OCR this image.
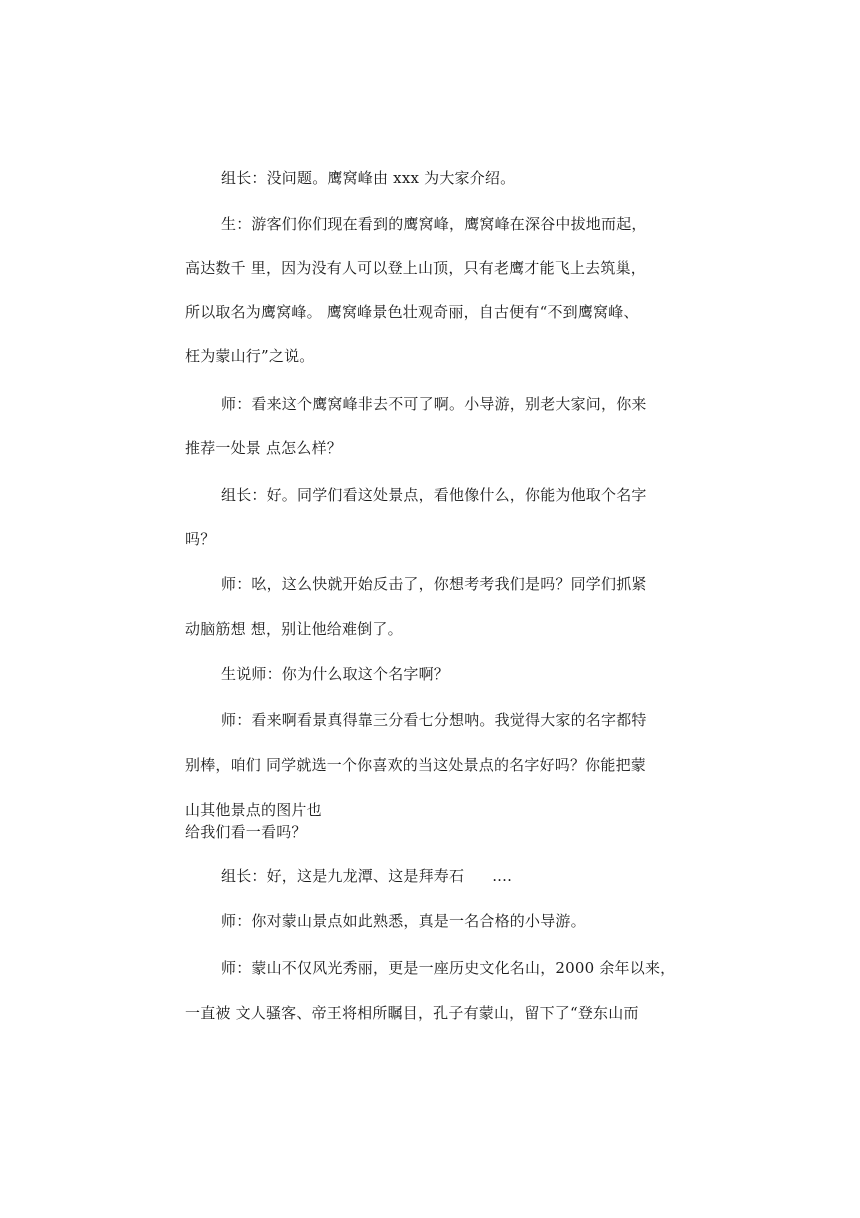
组长：没问题。鹰窝峰由 xxx 为大家介绍。
生：游客们你们现在看到的鹰窝峰，鹰窝峰在深谷中拔地而起，
高达数千 里，因为没有人可以登上山顶，只有老鹰才能飞上去筑巢，
所以取名为鹰窝峰。 鹰窝峰景色壮观奇丽，自古便有“不到鹰窝峰、
枉为蒙山行”之说。
师：看来这个鹰窝峰非去不可了啊。小导游，别老大家问，你来
推荐一处景 点怎么样？
组长：好。同学们看这处景点，看他像什么，你能为他取个名字
吗？
师：吆，这么快就开始反击了，你想考考我们是吗？同学们抓紧
动脑筋想 想，别让他给难倒了。
生说师：你为什么取这个名字啊？
师：看来啊看景真得靠三分看七分想呐。我觉得大家的名字都特
别棒，咱们 同学就选一个你喜欢的当这处景点的名字好吗？你能把蒙
山其他景点的图片也
给我们看一看吗？
组长：好，这是九龙潭、这是拜寿石 ....
师：你对蒙山景点如此熟悉，真是一名合格的小导游。
师：蒙山不仅风光秀丽，更是一座历史文化名山，2000 余年以来，
一直被 文人骚客、帝王将相所瞩目，孔子有蒙山，留下了“登东山而
